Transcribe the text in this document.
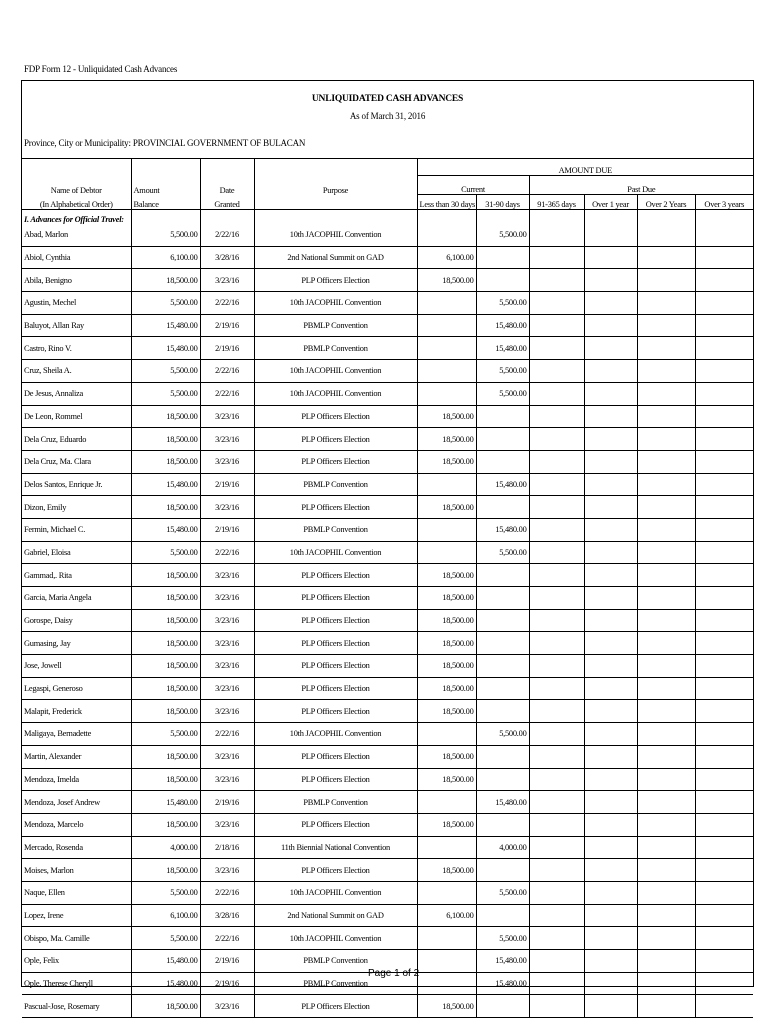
FDP Form 12 - Unliquidated Cash Advances
UNLIQUIDATED CASH ADVANCES
As of March 31, 2016
Province, City or Municipality: PROVINCIAL GOVERNMENT OF BULACAN
				AMOUNT DUE					
Name of Debtor	Amount	Date	Purpose	Current		Past Due			
(In Alphabetical Order)	Balance	Granted		Less than 30 days	31-90 days	91-365 days	Over 1 year	Over 2 Years	Over 3 years
I. Advances for Official Travel:									
Abad, Marlon	5,500.00	2/22/16	10th JACOPHIL Convention		5,500.00				
Abiol, Cynthia	6,100.00	3/28/16	2nd National Summit on GAD	6,100.00					
Abila, Benigno	18,500.00	3/23/16	PLP Officers Election	18,500.00					
Agustin, Mechel	5,500.00	2/22/16	10th JACOPHIL Convention		5,500.00				
Baluyot, Allan Ray	15,480.00	2/19/16	PBMLP Convention		15,480.00				
Castro, Rino V.	15,480.00	2/19/16	PBMLP Convention		15,480.00				
Cruz, Sheila A.	5,500.00	2/22/16	10th JACOPHIL Convention		5,500.00				
De Jesus, Annaliza	5,500.00	2/22/16	10th JACOPHIL Convention		5,500.00				
De Leon, Rommel	18,500.00	3/23/16	PLP Officers Election	18,500.00					
Dela Cruz, Eduardo	18,500.00	3/23/16	PLP Officers Election	18,500.00					
Dela Cruz, Ma. Clara	18,500.00	3/23/16	PLP Officers Election	18,500.00					
Delos Santos, Enrique Jr.	15,480.00	2/19/16	PBMLP Convention		15,480.00				
Dizon, Emily	18,500.00	3/23/16	PLP Officers Election	18,500.00					
Fermin, Michael C.	15,480.00	2/19/16	PBMLP Convention		15,480.00				
Gabriel, Eloisa	5,500.00	2/22/16	10th JACOPHIL Convention		5,500.00				
Gammad,. Rita	18,500.00	3/23/16	PLP Officers Election	18,500.00					
Garcia, Maria Angela	18,500.00	3/23/16	PLP Officers Election	18,500.00					
Gorospe, Daisy	18,500.00	3/23/16	PLP Officers Election	18,500.00					
Gumasing, Jay	18,500.00	3/23/16	PLP Officers Election	18,500.00					
Jose, Jowell	18,500.00	3/23/16	PLP Officers Election	18,500.00					
Legaspi, Generoso	18,500.00	3/23/16	PLP Officers Election	18,500.00					
Malapit, Frederick	18,500.00	3/23/16	PLP Officers Election	18,500.00					
Maligaya, Bernadette	5,500.00	2/22/16	10th JACOPHIL Convention		5,500.00				
Martin, Alexander	18,500.00	3/23/16	PLP Officers Election	18,500.00					
Mendoza, Imelda	18,500.00	3/23/16	PLP Officers Election	18,500.00					
Mendoza, Josef Andrew	15,480.00	2/19/16	PBMLP Convention		15,480.00				
Mendoza, Marcelo	18,500.00	3/23/16	PLP Officers Election	18,500.00					
Mercado, Rosenda	4,000.00	2/18/16	11th Biennial National Convention		4,000.00				
Moises, Marlon	18,500.00	3/23/16	PLP Officers Election	18,500.00					
Naque, Ellen	5,500.00	2/22/16	10th JACOPHIL Convention		5,500.00				
Lopez, Irene	6,100.00	3/28/16	2nd National Summit on GAD	6,100.00					
Obispo, Ma. Camille	5,500.00	2/22/16	10th JACOPHIL Convention		5,500.00				
Ople, Felix	15,480.00	2/19/16	PBMLP Convention		15,480.00				
Ople, Therese Cheryll	15,480.00	2/19/16	PBMLP Convention		15,480.00				
Pascual-Jose, Rosemary	18,500.00	3/23/16	PLP Officers Election	18,500.00					
Page 1 of 2
